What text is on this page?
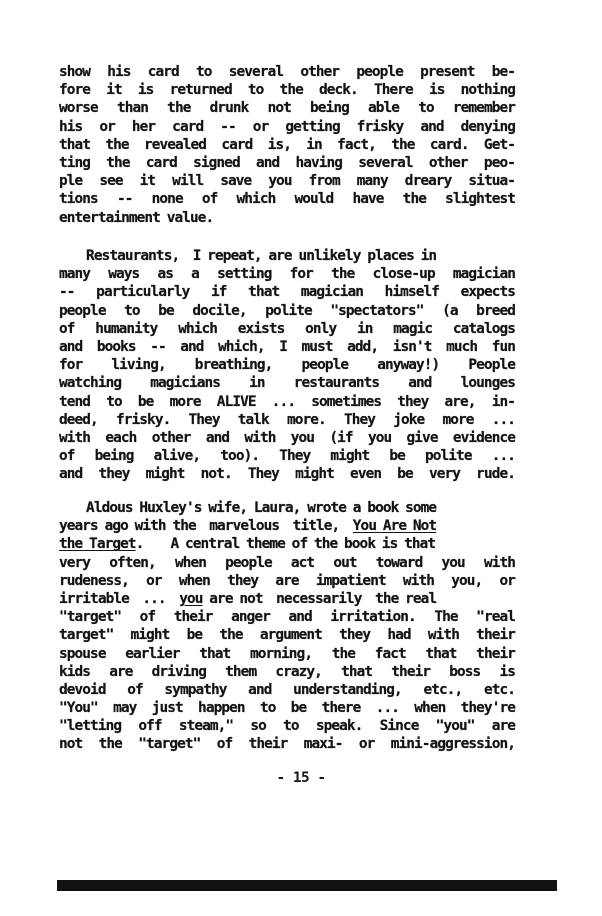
show his card to several other people present be-
fore it is returned to the deck. There is nothing
worse than the drunk not being able to remember
his or her card -- or getting frisky and denying
that the revealed card is, in fact, the card. Get-
ting the card signed and having several other peo-
ple see it will save you from many dreary situa-
tions -- none of which would have the slightest
entertainment value.
Restaurants,  I repeat, are unlikely places in
many ways as a setting for the close-up magician
-- particularly if that magician himself expects
people to be docile, polite "spectators" (a breed
of humanity which exists only in magic catalogs
and books -- and which, I must add, isn't much fun
for living, breathing, people anyway!) People
watching magicians in restaurants and lounges
tend to be more ALIVE ... sometimes they are, in-
deed, frisky. They talk more. They joke more ...
with each other and with you (if you give evidence
of being alive, too). They might be polite ...
and they might not. They might even be very rude.
Aldous Huxley's wife, Laura, wrote a book some
years ago with the  marvelous  title,  You Are Not
the Target.    A central theme of the book is that
very often, when people act out toward you with
rudeness, or when they are impatient with you, or
irritable  ...  you are not  necessarily  the real
"target" of their anger and irritation. The "real
target" might be the argument they had with their
spouse earlier that morning, the fact that their
kids are driving them crazy, that their boss is
devoid of sympathy and understanding, etc., etc.
"You" may just happen to be there ... when they're
"letting off steam," so to speak. Since "you" are
not the "target" of their maxi- or mini-aggression,
- 15 -
